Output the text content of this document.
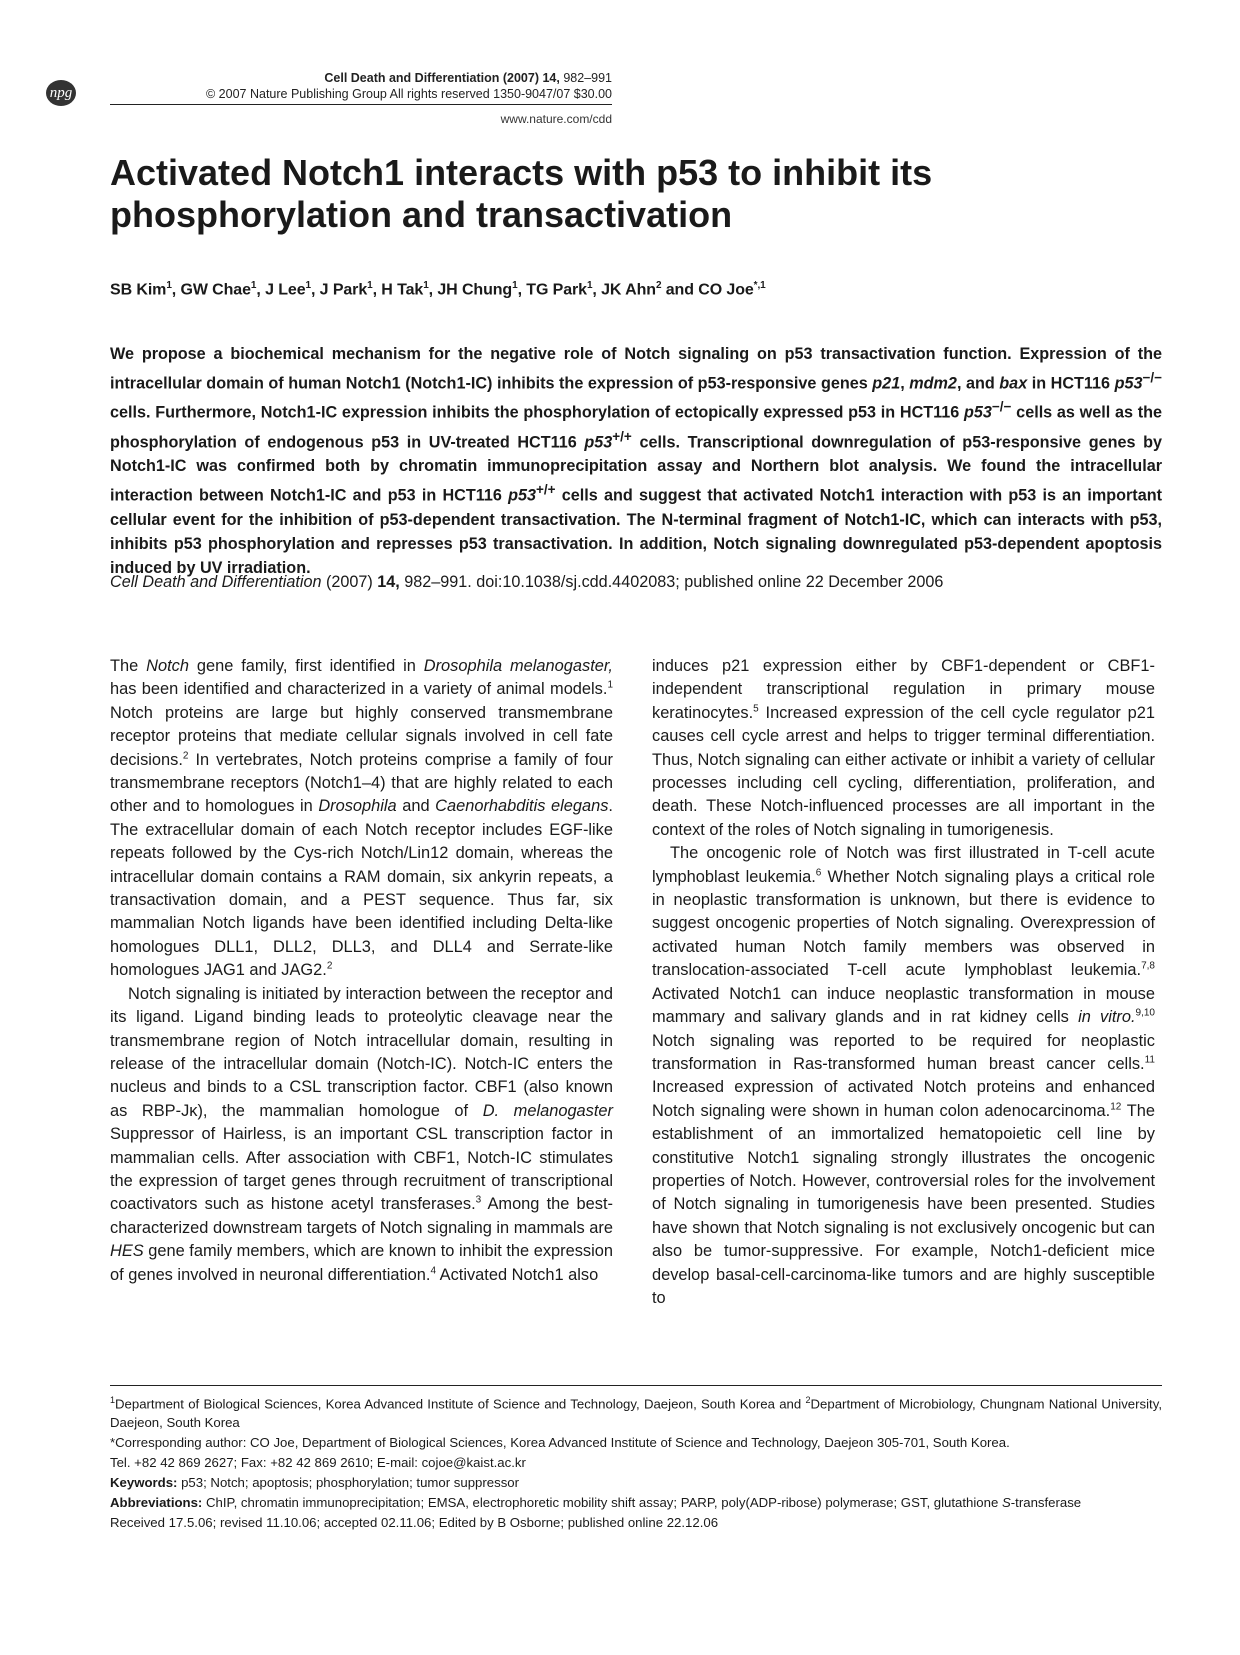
npg
Cell Death and Differentiation (2007) 14, 982–991
© 2007 Nature Publishing Group All rights reserved 1350-9047/07 $30.00
www.nature.com/cdd
Activated Notch1 interacts with p53 to inhibit its phosphorylation and transactivation
SB Kim$^1$, GW Chae$^1$, J Lee$^1$, J Park$^1$, H Tak$^1$, JH Chung$^1$, TG Park$^1$, JK Ahn$^2$ and CO Joe$^{*,1}$
We propose a biochemical mechanism for the negative role of Notch signaling on p53 transactivation function. Expression of the intracellular domain of human Notch1 (Notch1-IC) inhibits the expression of p53-responsive genes p21, mdm2, and bax in HCT116 p53−/− cells. Furthermore, Notch1-IC expression inhibits the phosphorylation of ectopically expressed p53 in HCT116 p53−/− cells as well as the phosphorylation of endogenous p53 in UV-treated HCT116 p53+/+ cells. Transcriptional downregulation of p53-responsive genes by Notch1-IC was confirmed both by chromatin immunoprecipitation assay and Northern blot analysis. We found the intracellular interaction between Notch1-IC and p53 in HCT116 p53+/+ cells and suggest that activated Notch1 interaction with p53 is an important cellular event for the inhibition of p53-dependent transactivation. The N-terminal fragment of Notch1-IC, which can interacts with p53, inhibits p53 phosphorylation and represses p53 transactivation. In addition, Notch signaling downregulated p53-dependent apoptosis induced by UV irradiation.
Cell Death and Differentiation (2007) 14, 982–991. doi:10.1038/sj.cdd.4402083; published online 22 December 2006

The Notch gene family, first identified in Drosophila melanogaster, has been identified and characterized in a variety of animal models.$^1$ Notch proteins are large but highly conserved transmembrane receptor proteins that mediate cellular signals involved in cell fate decisions.$^2$ In vertebrates, Notch proteins comprise a family of four transmembrane receptors (Notch1–4) that are highly related to each other and to homologues in Drosophila and Caenorhabditis elegans. The extracellular domain of each Notch receptor includes EGF-like repeats followed by the Cys-rich Notch/Lin12 domain, whereas the intracellular domain contains a RAM domain, six ankyrin repeats, a transactivation domain, and a PEST sequence. Thus far, six mammalian Notch ligands have been identified including Delta-like homologues DLL1, DLL2, DLL3, and DLL4 and Serrate-like homologues JAG1 and JAG2.$^2$

Notch signaling is initiated by interaction between the receptor and its ligand. Ligand binding leads to proteolytic cleavage near the transmembrane region of Notch intracellular domain, resulting in release of the intracellular domain (Notch-IC). Notch-IC enters the nucleus and binds to a CSL transcription factor. CBF1 (also known as RBP-Jκ), the mammalian homologue of D. melanogaster Suppressor of Hairless, is an important CSL transcription factor in mammalian cells. After association with CBF1, Notch-IC stimulates the expression of target genes through recruitment of transcriptional coactivators such as histone acetyl transferases.$^3$ Among the best-characterized downstream targets of Notch signaling in mammals are HES gene family members, which are known to inhibit the expression of genes involved in neuronal differentiation.$^4$ Activated Notch1 also

induces p21 expression either by CBF1-dependent or CBF1-independent transcriptional regulation in primary mouse keratinocytes.$^5$ Increased expression of the cell cycle regulator p21 causes cell cycle arrest and helps to trigger terminal differentiation. Thus, Notch signaling can either activate or inhibit a variety of cellular processes including cell cycling, differentiation, proliferation, and death. These Notch-influenced processes are all important in the context of the roles of Notch signaling in tumorigenesis.

The oncogenic role of Notch was first illustrated in T-cell acute lymphoblast leukemia.$^6$ Whether Notch signaling plays a critical role in neoplastic transformation is unknown, but there is evidence to suggest oncogenic properties of Notch signaling. Overexpression of activated human Notch family members was observed in translocation-associated T-cell acute lymphoblast leukemia.$^{7,8}$ Activated Notch1 can induce neoplastic transformation in mouse mammary and salivary glands and in rat kidney cells in vitro.$^{9,10}$ Notch signaling was reported to be required for neoplastic transformation in Ras-transformed human breast cancer cells.$^{11}$ Increased expression of activated Notch proteins and enhanced Notch signaling were shown in human colon adenocarcinoma.$^{12}$ The establishment of an immortalized hematopoietic cell line by constitutive Notch1 signaling strongly illustrates the oncogenic properties of Notch. However, controversial roles for the involvement of Notch signaling in tumorigenesis have been presented. Studies have shown that Notch signaling is not exclusively oncogenic but can also be tumor-suppressive. For example, Notch1-deficient mice develop basal-cell-carcinoma-like tumors and are highly susceptible to

$^1$Department of Biological Sciences, Korea Advanced Institute of Science and Technology, Daejeon, South Korea and $^2$Department of Microbiology, Chungnam National University, Daejeon, South Korea

*Corresponding author: CO Joe, Department of Biological Sciences, Korea Advanced Institute of Science and Technology, Daejeon 305-701, South Korea.

Tel. +82 42 869 2627; Fax: +82 42 869 2610; E-mail: cojoe@kaist.ac.kr

Keywords: p53; Notch; apoptosis; phosphorylation; tumor suppressor

Abbreviations: ChIP, chromatin immunoprecipitation; EMSA, electrophoretic mobility shift assay; PARP, poly(ADP-ribose) polymerase; GST, glutathione S-transferase

Received 17.5.06; revised 11.10.06; accepted 02.11.06; Edited by B Osborne; published online 22.12.06
